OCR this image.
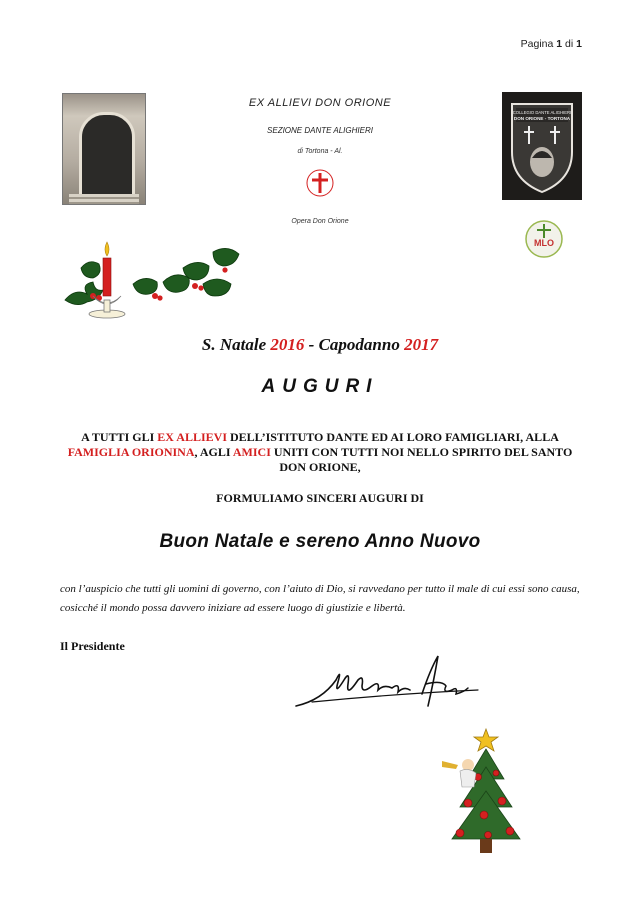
Pagina 1 di 1
EX ALLIEVI DON ORIONE
SEZIONE DANTE ALIGHIERI
di Tortona - Al.
Opera Don Orione
COLLEGIO DANTE ALIGHIERI
DON ORIONE - TORTONA
MLO
S. Natale 2016 - Capodanno 2017
AUGURI
A TUTTI GLI EX ALLIEVI DELL’ISTITUTO DANTE ED AI LORO FAMIGLIARI, ALLA FAMIGLIA ORIONINA, AGLI AMICI UNITI CON TUTTI NOI NELLO SPIRITO DEL SANTO DON ORIONE,
FORMULIAMO SINCERI AUGURI DI
Buon Natale e sereno Anno Nuovo
con l’auspicio che tutti gli uomini di governo, con l’aiuto di Dio, si ravvedano per tutto il male di cui essi sono causa, cosicché il mondo possa davvero iniziare ad essere luogo di giustizie e libertà.
Il Presidente
